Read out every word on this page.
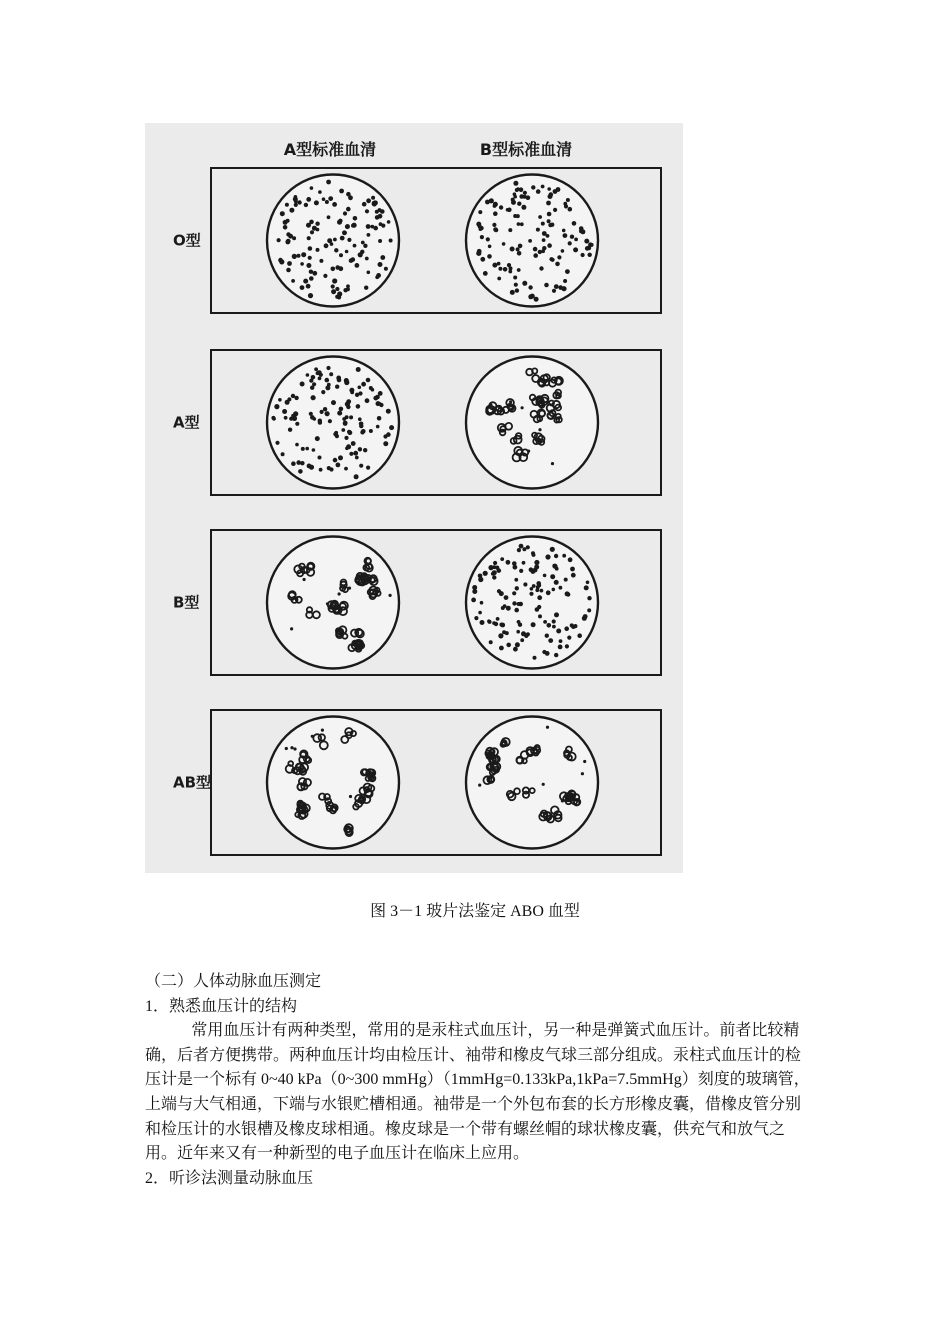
A型标准血清	B型标准血清
O型
A型
B型
AB型
图 3－1 玻片法鉴定 ABO 血型

（二）人体动脉血压测定

1．熟悉血压计的结构

常用血压计有两种类型，常用的是汞柱式血压计，另一种是弹簧式血压计。前者比较精确，后者方便携带。两种血压计均由检压计、袖带和橡皮气球三部分组成。汞柱式血压计的检压计是一个标有 0~40 kPa（0~300 mmHg）（1mmHg=0.133kPa,1kPa=7.5mmHg）刻度的玻璃管，上端与大气相通，下端与水银贮槽相通。袖带是一个外包布套的长方形橡皮囊，借橡皮管分别和检压计的水银槽及橡皮球相通。橡皮球是一个带有螺丝帽的球状橡皮囊，供充气和放气之用。近年来又有一种新型的电子血压计在临床上应用。

2．听诊法测量动脉血压
